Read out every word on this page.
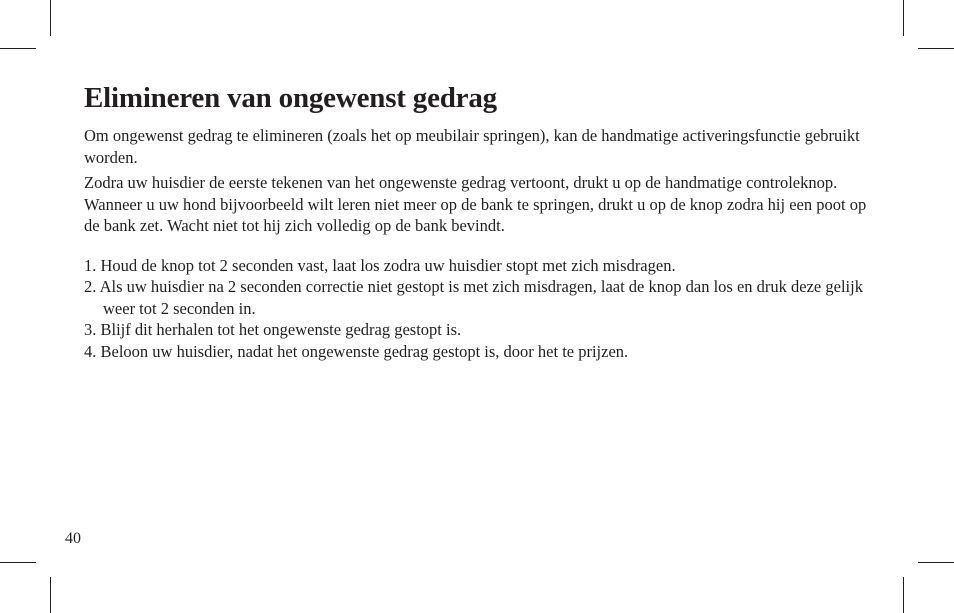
Elimineren van ongewenst gedrag

Om ongewenst gedrag te elimineren (zoals het op meubilair springen), kan de handmatige activeringsfunctie gebruikt worden.

Zodra uw huisdier de eerste tekenen van het ongewenste gedrag vertoont, drukt u op de handmatige controleknop. Wanneer u uw hond bijvoorbeeld wilt leren niet meer op de bank te springen, drukt u op de knop zodra hij een poot op de bank zet. Wacht niet tot hij zich volledig op de bank bevindt.

1. Houd de knop tot 2 seconden vast, laat los zodra uw huisdier stopt met zich misdragen.
2. Als uw huisdier na 2 seconden correctie niet gestopt is met zich misdragen, laat de knop dan los en druk deze gelijk weer tot 2 seconden in.
3. Blijf dit herhalen tot het ongewenste gedrag gestopt is.
4. Beloon uw huisdier, nadat het ongewenste gedrag gestopt is, door het te prijzen.
40
